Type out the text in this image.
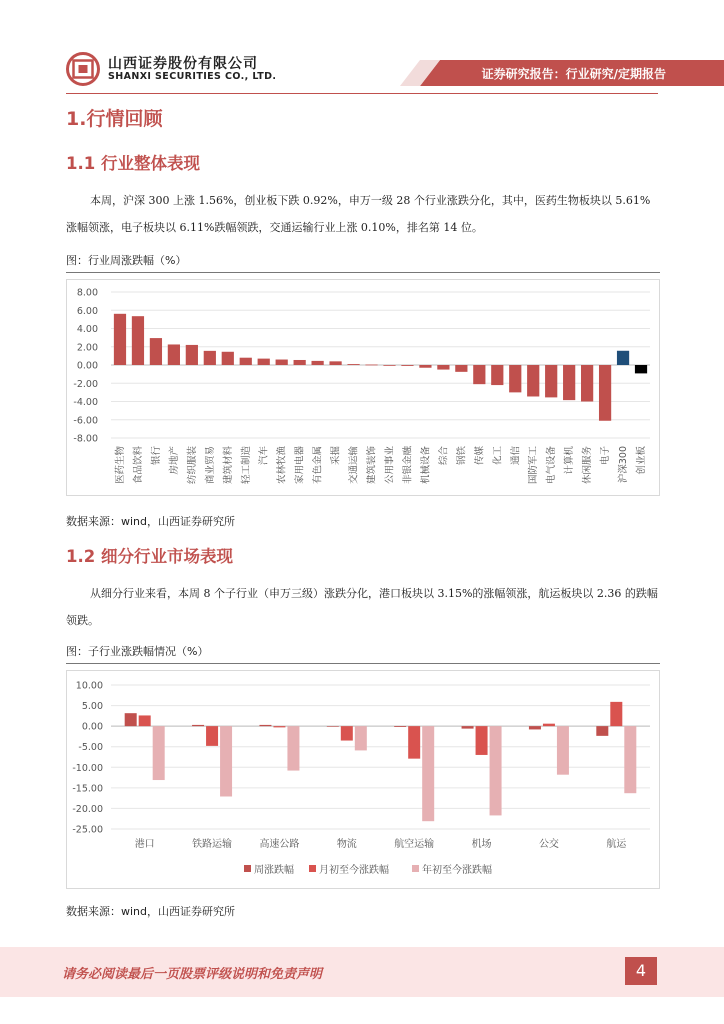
山西证券股份有限公司
SHANXI SECURITIES CO., LTD.	证券研究报告：行业研究/定期报告
1.行情回顾
1.1 行业整体表现
本周，沪深 300 上涨 1.56%，创业板下跌 0.92%，申万一级 28 个行业涨跌分化，其中，医药生物板块以 5.61%涨幅领涨，电子板块以 6.11%跌幅领跌，交通运输行业上涨 0.10%，排名第 14 位。
图：行业周涨跌幅（%）
8.00
6.00
4.00
2.00
0.00
-2.00
-4.00
-6.00
-8.00
医药生物 食品饮料 银行 房地产 纺织服装 商业贸易 建筑材料 轻工制造 汽车 农林牧渔 家用电器 有色金属 采掘 交通运输 建筑装饰 公用事业 非银金融 机械设备 综合 钢铁 传媒 化工 通信 国防军工 电气设备 计算机 休闲服务 电子 沪深300 创业板
数据来源：wind，山西证券研究所
1.2 细分行业市场表现
从细分行业来看，本周 8 个子行业（申万三级）涨跌分化，港口板块以 3.15%的涨幅领涨，航运板块以 2.36 的跌幅领跌。
图：子行业涨跌幅情况（%）
10.00
5.00
0.00
-5.00
-10.00
-15.00
-20.00
-25.00
港口	铁路运输	高速公路	物流	航空运输	机场	公交	航运
周涨跌幅	月初至今涨跌幅	年初至今涨跌幅
数据来源：wind，山西证券研究所
请务必阅读最后一页股票评级说明和免责声明	4
